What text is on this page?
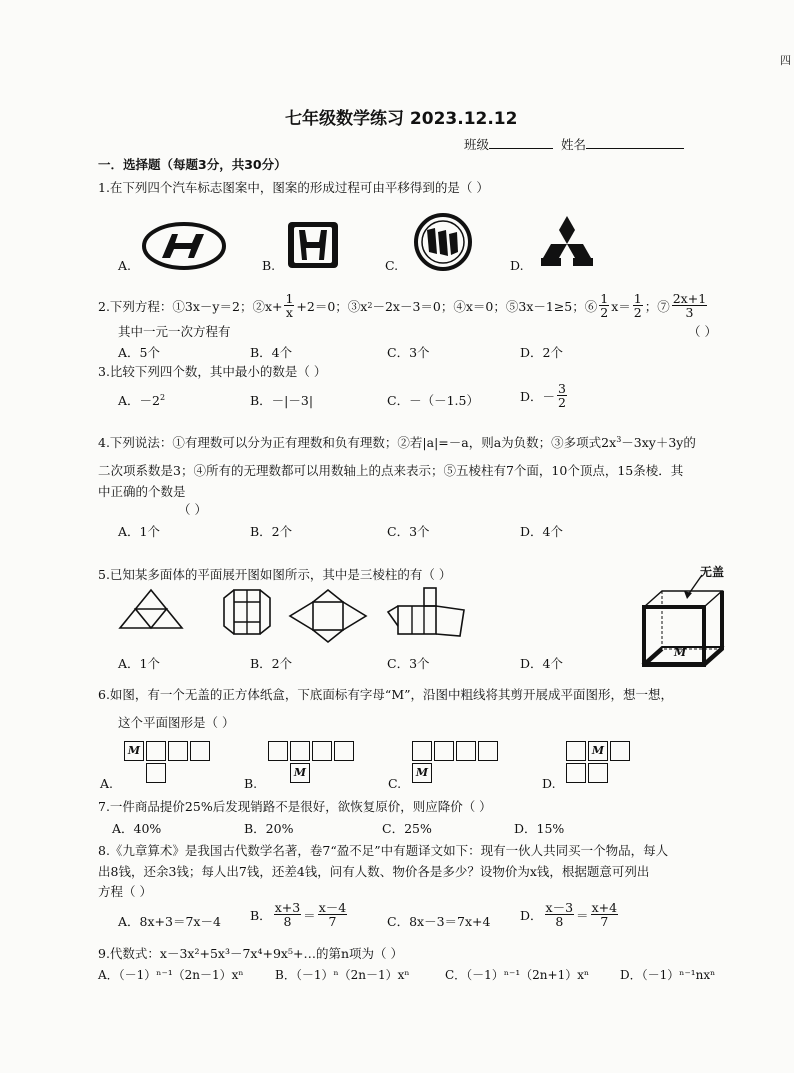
四
七年级数学练习 2023.12.12
班级	姓名
一．选择题（每题3分，共30分）
1.在下列四个汽车标志图案中，图案的形成过程可由平移得到的是（ ）
A.	B.	C.	D.
2.下列方程：①3x－y＝2；②x+ $\frac{1}{x} +2=0$；③x 2 －2x－3＝0；④x＝0；⑤3x－1≥5；⑥ $\frac{1}{2} x= \frac{1}{2}$ ；⑦ $\frac{2x+1}{3}$
其中一元一次方程有	（ ）
A．5个	B．4个	C．3个	D．2个
3.比较下列四个数，其中最小的数是（ ）
A．$-2^2$	B．－|－3|	C．－（－1.5）	D．－ $\frac{3}{2}$
4.下列说法：①有理数可以分为正有理数和负有理数；②若|a|=－a，则a为负数；③多项式$2x^3-3xy+3y$的
二次项系数是3；④所有的无理数都可以用数轴上的点来表示；⑤五棱柱有7个面，10个顶点，15条棱．其
中正确的个数是
（ ）
A．1个	B．2个	C．3个	D．4个
5.已知某多面体的平面展开图如图所示，其中是三棱柱的有（ ）	无盖
M
A．1个	B．2个	C．3个	D．4个
6.如图，有一个无盖的正方体纸盒，下底面标有字母“M”，沿图中粗线将其剪开展成平面图形，想一想，
这个平面图形是（ ）
M
A.
M
B.
M
C.
M
D.
7.一件商品提价25%后发现销路不是很好，欲恢复原价，则应降价（ ）
A．40%	B．20%	C．25%	D．15%
8.《九章算术》是我国古代数学名著，卷7“盈不足”中有题译文如下：现有一伙人共同买一个物品，每人
出8钱，还余3钱；每人出7钱，还差4钱，问有人数、物价各是多少？设物价为x钱，根据题意可列出
方程（ ）
A．8x+3＝7x－4 B． $\frac{x+3}{8} = \frac{x-4}{7}$	C．8x－3＝7x+4 D． $\frac{x-3}{8} = \frac{x+4}{7}$
9.代数式：x－3x²+5x³－7x⁴+9x⁵+…的第n项为（ ）
A．（－1）ⁿ⁻¹（2n－1）xⁿ	B．（－1）ⁿ（2n－1）xⁿ	C．（－1）ⁿ⁻¹（2n+1）xⁿ	D．（－1）ⁿ⁻¹nxⁿ
